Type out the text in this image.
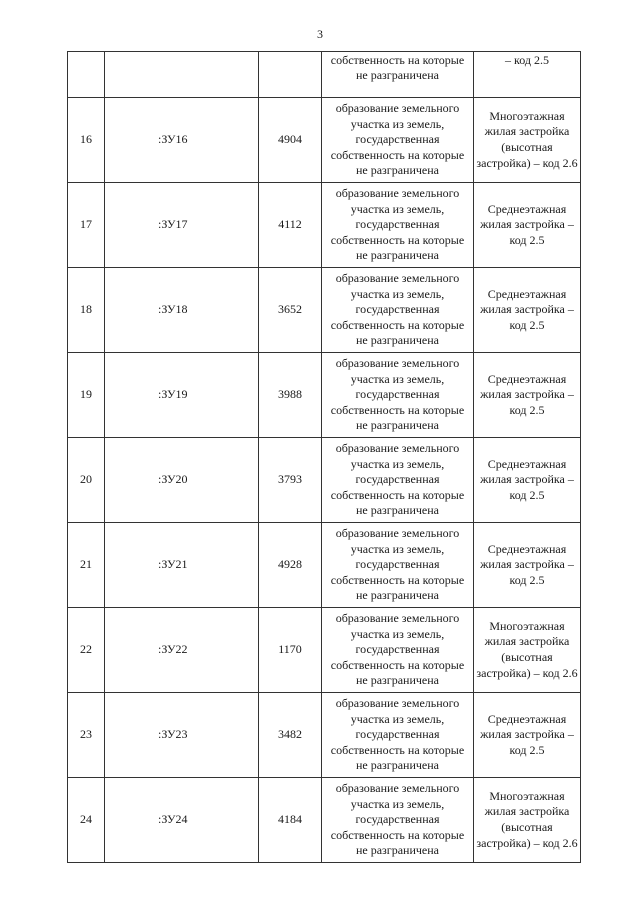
3
			собственность на которые не разграничена	– код 2.5
16	:ЗУ16	4904	образование земельного участка из земель, государственная собственность на которые не разграничена	Многоэтажная жилая застройка (высотная застройка) – код 2.6
17	:ЗУ17	4112	образование земельного участка из земель, государственная собственность на которые не разграничена	Среднеэтажная жилая застройка – код 2.5
18	:ЗУ18	3652	образование земельного участка из земель, государственная собственность на которые не разграничена	Среднеэтажная жилая застройка – код 2.5
19	:ЗУ19	3988	образование земельного участка из земель, государственная собственность на которые не разграничена	Среднеэтажная жилая застройка – код 2.5
20	:ЗУ20	3793	образование земельного участка из земель, государственная собственность на которые не разграничена	Среднеэтажная жилая застройка – код 2.5
21	:ЗУ21	4928	образование земельного участка из земель, государственная собственность на которые не разграничена	Среднеэтажная жилая застройка – код 2.5
22	:ЗУ22	1170	образование земельного участка из земель, государственная собственность на которые не разграничена	Многоэтажная жилая застройка (высотная застройка) – код 2.6
23	:ЗУ23	3482	образование земельного участка из земель, государственная собственность на которые не разграничена	Среднеэтажная жилая застройка – код 2.5
24	:ЗУ24	4184	образование земельного участка из земель, государственная собственность на которые не разграничена	Многоэтажная жилая застройка (высотная застройка) – код 2.6
